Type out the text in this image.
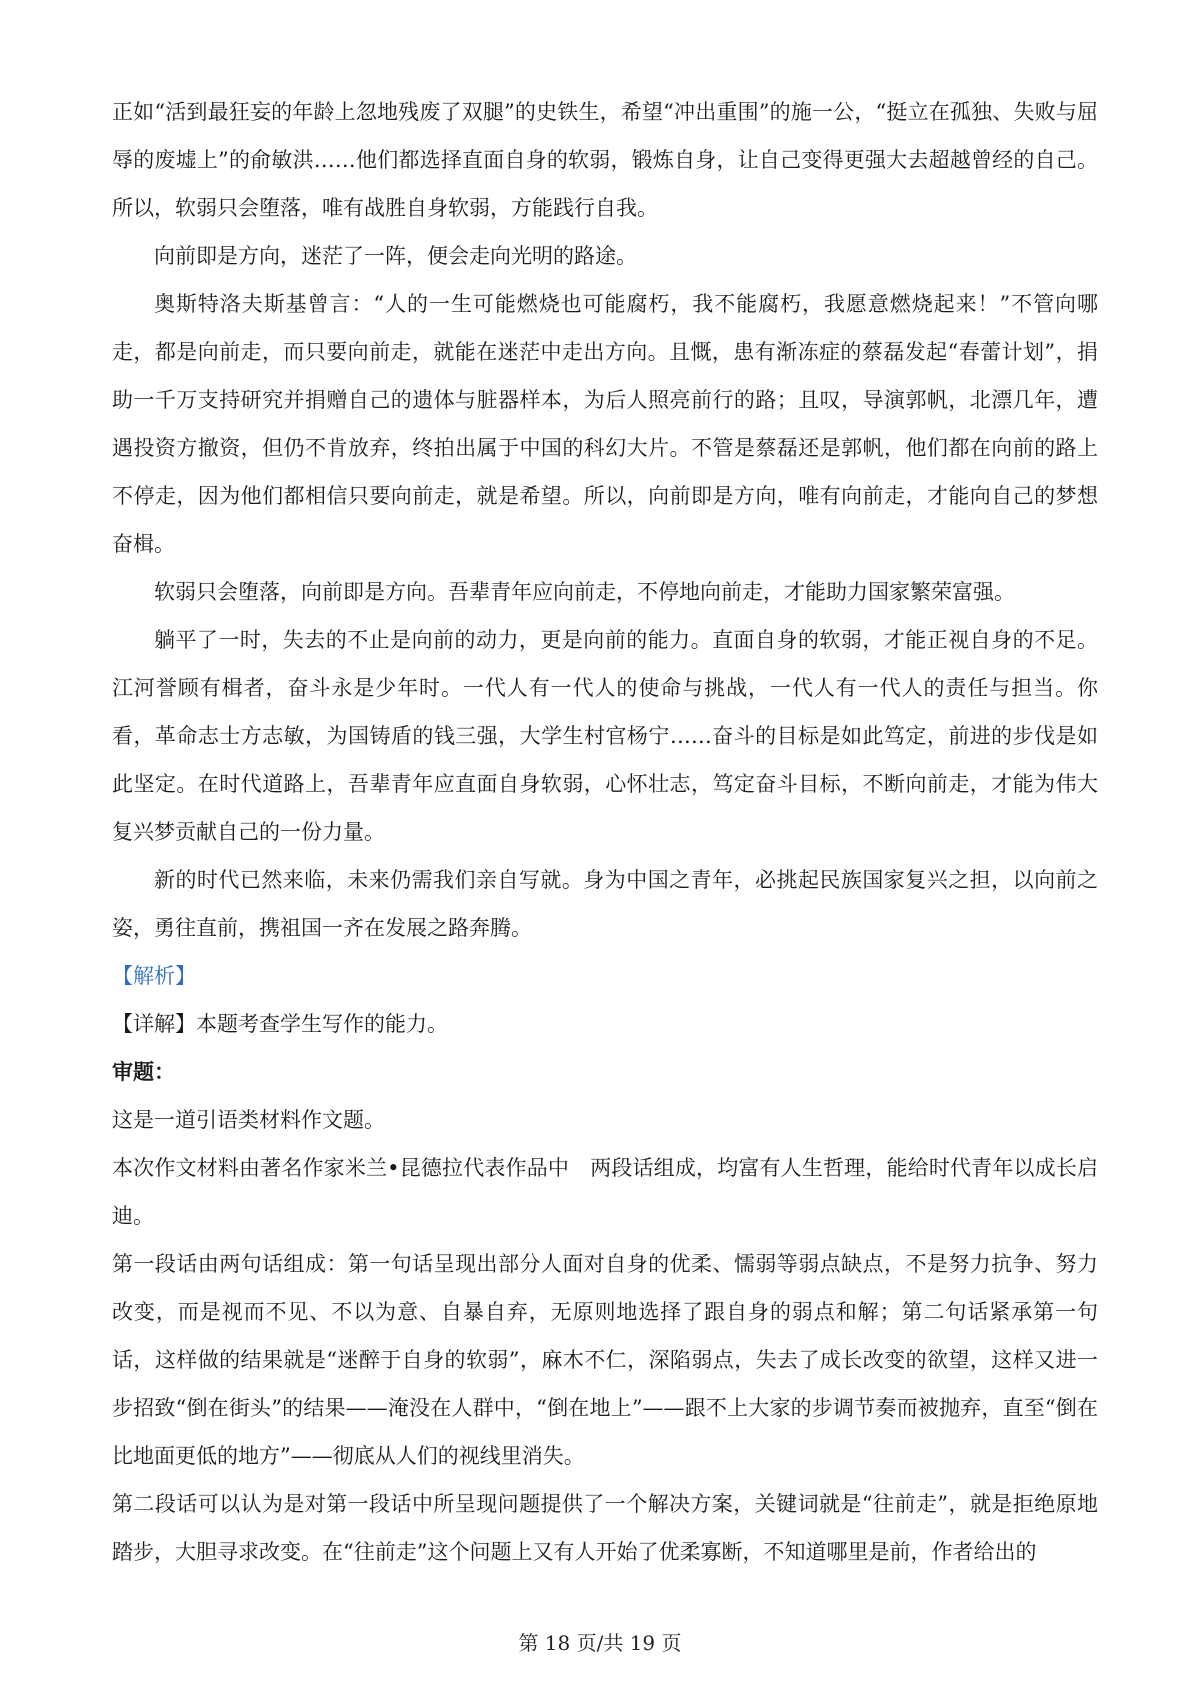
正如“活到最狂妄的年龄上忽地残废了双腿”的史铁生，希望“冲出重围”的施一公，“挺立在孤独、失败与屈辱的废墟上”的俞敏洪……他们都选择直面自身的软弱，锻炼自身，让自己变得更强大去超越曾经的自己。所以，软弱只会堕落，唯有战胜自身软弱，方能践行自我。

向前即是方向，迷茫了一阵，便会走向光明的路途。

奥斯特洛夫斯基曾言：“人的一生可能燃烧也可能腐朽，我不能腐朽，我愿意燃烧起来！”不管向哪走，都是向前走，而只要向前走，就能在迷茫中走出方向。且慨，患有渐冻症的蔡磊发起“春蕾计划”，捐助一千万支持研究并捐赠自己的遗体与脏器样本，为后人照亮前行的路；且叹，导演郭帆，北漂几年，遭遇投资方撤资，但仍不肯放弃，终拍出属于中国的科幻大片。不管是蔡磊还是郭帆，他们都在向前的路上不停走，因为他们都相信只要向前走，就是希望。所以，向前即是方向，唯有向前走，才能向自己的梦想奋楫。

软弱只会堕落，向前即是方向。吾辈青年应向前走，不停地向前走，才能助力国家繁荣富强。

躺平了一时，失去的不止是向前的动力，更是向前的能力。直面自身的软弱，才能正视自身的不足。江河誉顾有楫者，奋斗永是少年时。一代人有一代人的使命与挑战，一代人有一代人的责任与担当。你看，革命志士方志敏，为国铸盾的钱三强，大学生村官杨宁……奋斗的目标是如此笃定，前进的步伐是如此坚定。在时代道路上，吾辈青年应直面自身软弱，心怀壮志，笃定奋斗目标，不断向前走，才能为伟大复兴梦贡献自己的一份力量。

新的时代已然来临，未来仍需我们亲自写就。身为中国之青年，必挑起民族国家复兴之担，以向前之姿，勇往直前，携祖国一齐在发展之路奔腾。

【解析】

【详解】本题考查学生写作的能力。

审题：

这是一道引语类材料作文题。

本次作文材料由著名作家米兰•昆德拉代表作品中 两段话组成，均富有人生哲理，能给时代青年以成长启迪。

第一段话由两句话组成：第一句话呈现出部分人面对自身的优柔、懦弱等弱点缺点，不是努力抗争、努力改变，而是视而不见、不以为意、自暴自弃，无原则地选择了跟自身的弱点和解；第二句话紧承第一句话，这样做的结果就是“迷醉于自身的软弱”，麻木不仁，深陷弱点，失去了成长改变的欲望，这样又进一步招致“倒在街头”的结果——淹没在人群中，“倒在地上”——跟不上大家的步调节奏而被抛弃，直至“倒在比地面更低的地方”——彻底从人们的视线里消失。

第二段话可以认为是对第一段话中所呈现问题提供了一个解决方案，关键词就是“往前走”，就是拒绝原地踏步，大胆寻求改变。在“往前走”这个问题上又有人开始了优柔寡断，不知道哪里是前，作者给出的

第 18 页/共 19 页
